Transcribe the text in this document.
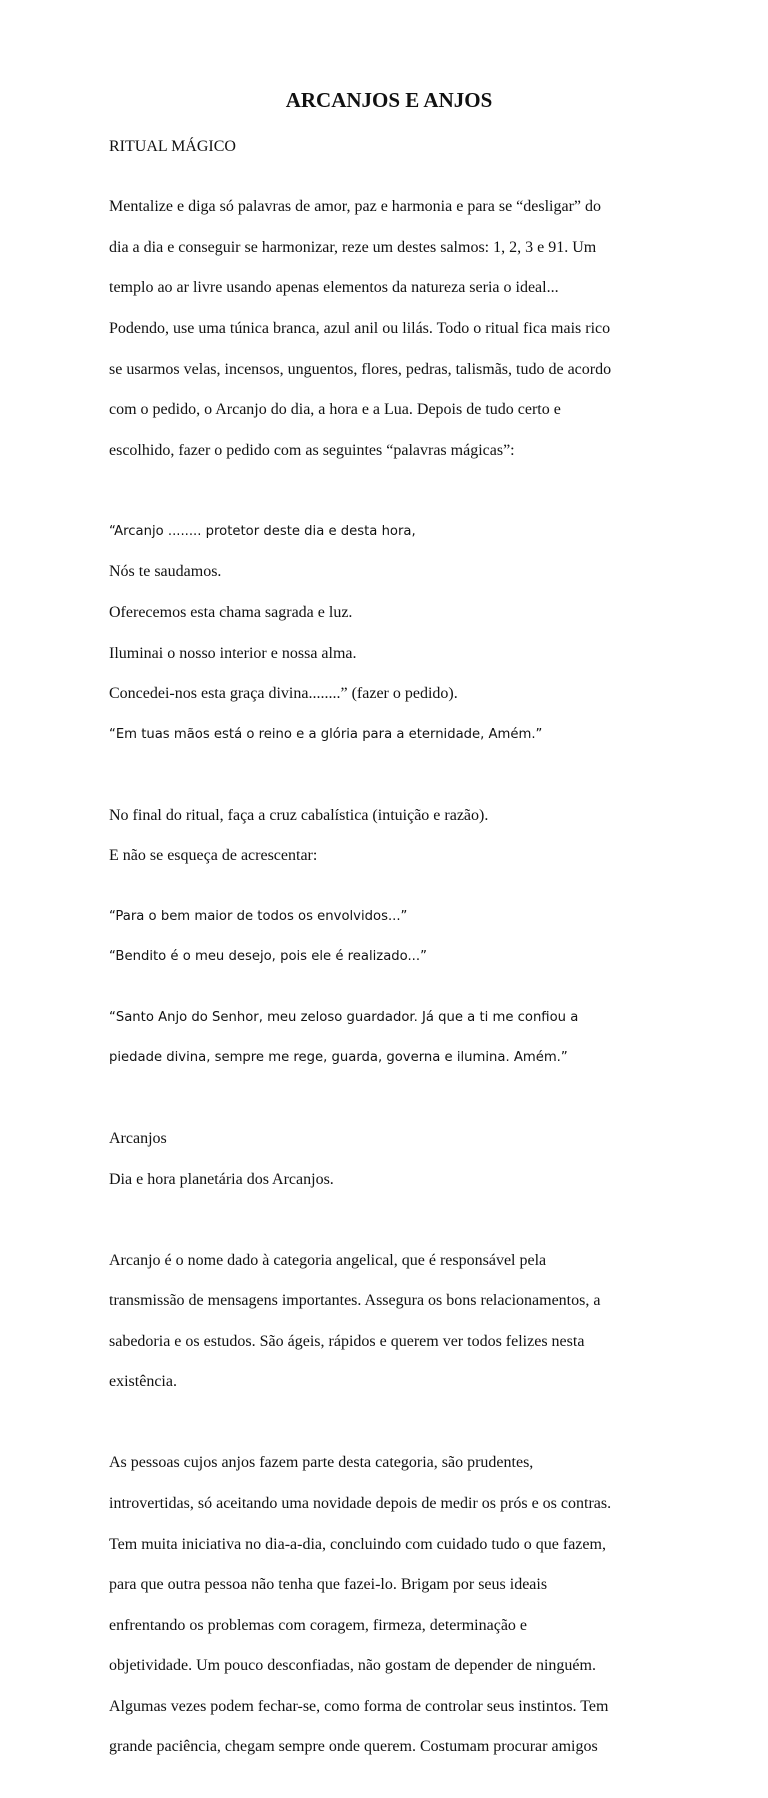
ARCANJOS E ANJOS
RITUAL MÁGICO

Mentalize e diga só palavras de amor, paz e harmonia e para se “desligar” do

dia a dia e conseguir se harmonizar, reze um destes salmos: 1, 2, 3 e 91. Um

templo ao ar livre usando apenas elementos da natureza seria o ideal...

Podendo, use uma túnica branca, azul anil ou lilás. Todo o ritual fica mais rico

se usarmos velas, incensos, unguentos, flores, pedras, talismãs, tudo de acordo

com o pedido, o Arcanjo do dia, a hora e a Lua. Depois de tudo certo e

escolhido, fazer o pedido com as seguintes “palavras mágicas”:

“Arcanjo ........ protetor deste dia e desta hora,

Nós te saudamos.

Oferecemos esta chama sagrada e luz.

Iluminai o nosso interior e nossa alma.

Concedei-nos esta graça divina........” (fazer o pedido).

“Em tuas mãos está o reino e a glória para a eternidade, Amém.”

No final do ritual, faça a cruz cabalística (intuição e razão).

E não se esqueça de acrescentar:

“Para o bem maior de todos os envolvidos...”
“Bendito é o meu desejo, pois ele é realizado...”

“Santo Anjo do Senhor, meu zeloso guardador. Já que a ti me confiou a

piedade divina, sempre me rege, guarda, governa e ilumina. Amém.”

Arcanjos

Dia e hora planetária dos Arcanjos.

Arcanjo é o nome dado à categoria angelical, que é responsável pela

transmissão de mensagens importantes. Assegura os bons relacionamentos, a

sabedoria e os estudos. São ágeis, rápidos e querem ver todos felizes nesta

existência.

As pessoas cujos anjos fazem parte desta categoria, são prudentes,

introvertidas, só aceitando uma novidade depois de medir os prós e os contras.

Tem muita iniciativa no dia-a-dia, concluindo com cuidado tudo o que fazem,

para que outra pessoa não tenha que fazei-lo. Brigam por seus ideais

enfrentando os problemas com coragem, firmeza, determinação e

objetividade. Um pouco desconfiadas, não gostam de depender de ninguém.

Algumas vezes podem fechar-se, como forma de controlar seus instintos. Tem

grande paciência, chegam sempre onde querem. Costumam procurar amigos
